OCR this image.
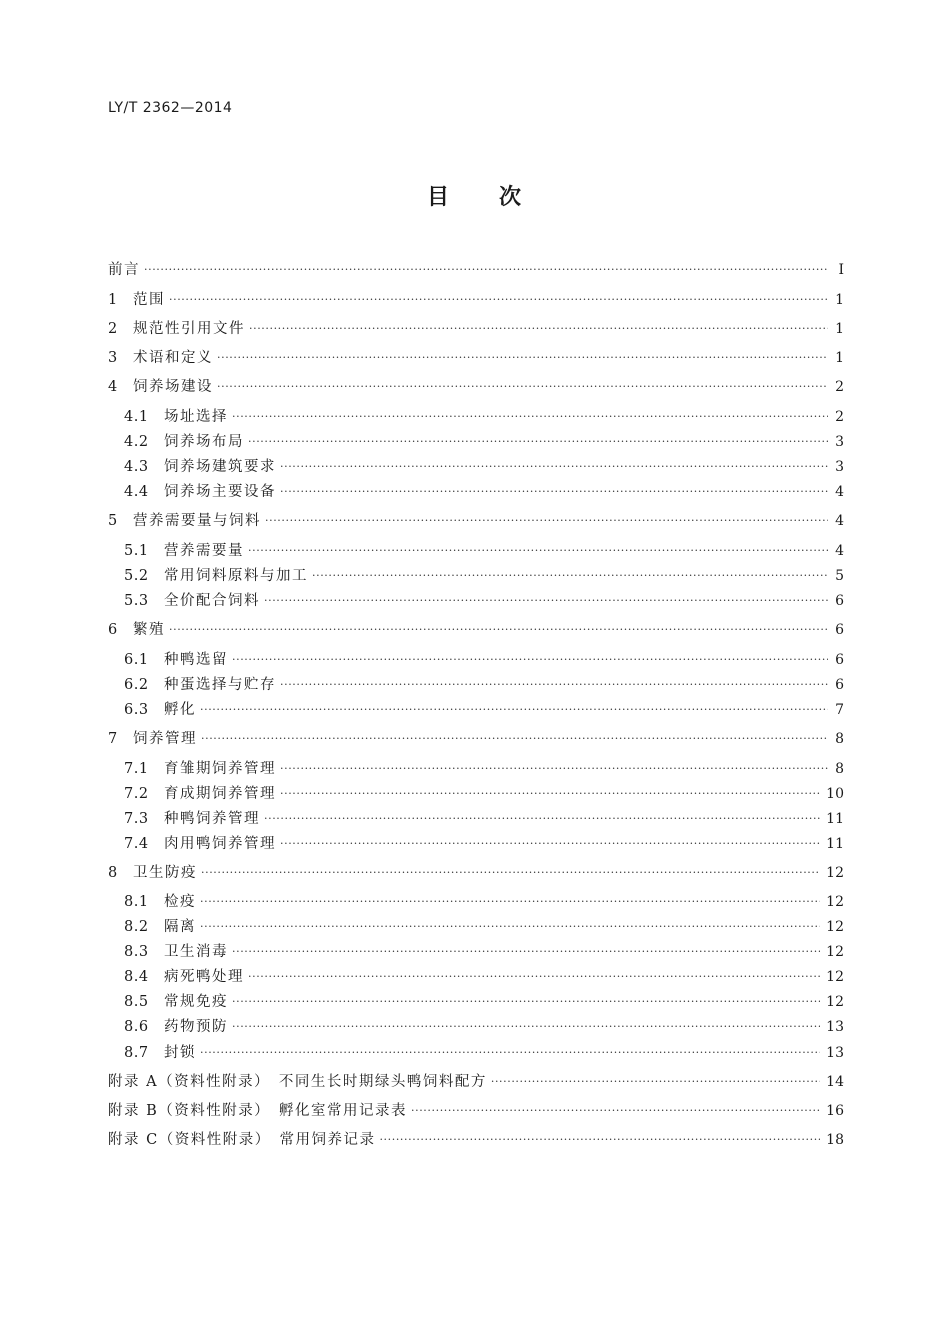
LY/T 2362—2014
目 次
前言 ·····	Ⅰ
1	范围 ·····	1
2	规范性引用文件 ·····	1
3	术语和定义 ·····	1
4	饲养场建设 ·····	2
4.1	场址选择 ·····	2
4.2	饲养场布局 ·····	3
4.3	饲养场建筑要求 ·····	3
4.4	饲养场主要设备 ·····	4
5	营养需要量与饲料 ·····	4
5.1	营养需要量 ·····	4
5.2	常用饲料原料与加工 ·····	5
5.3	全价配合饲料 ·····	6
6	繁殖 ·····	6
6.1	种鸭选留 ·····	6
6.2	种蛋选择与贮存 ·····	6
6.3	孵化 ·····	7
7	饲养管理 ·····	8
7.1	育雏期饲养管理 ·····	8
7.2	育成期饲养管理 ·····	10
7.3	种鸭饲养管理 ·····	11
7.4	肉用鸭饲养管理 ·····	11
8	卫生防疫 ·····	12
8.1	检疫 ·····	12
8.2	隔离 ·····	12
8.3	卫生消毒 ·····	12
8.4	病死鸭处理 ·····	12
8.5	常规免疫 ·····	12
8.6	药物预防 ·····	13
8.7	封锁 ·····	13
附录 A（资料性附录）　不同生长时期绿头鸭饲料配方 ·····	14
附录 B（资料性附录）　孵化室常用记录表 ·····	16
附录 C（资料性附录）　常用饲养记录 ·····	18
